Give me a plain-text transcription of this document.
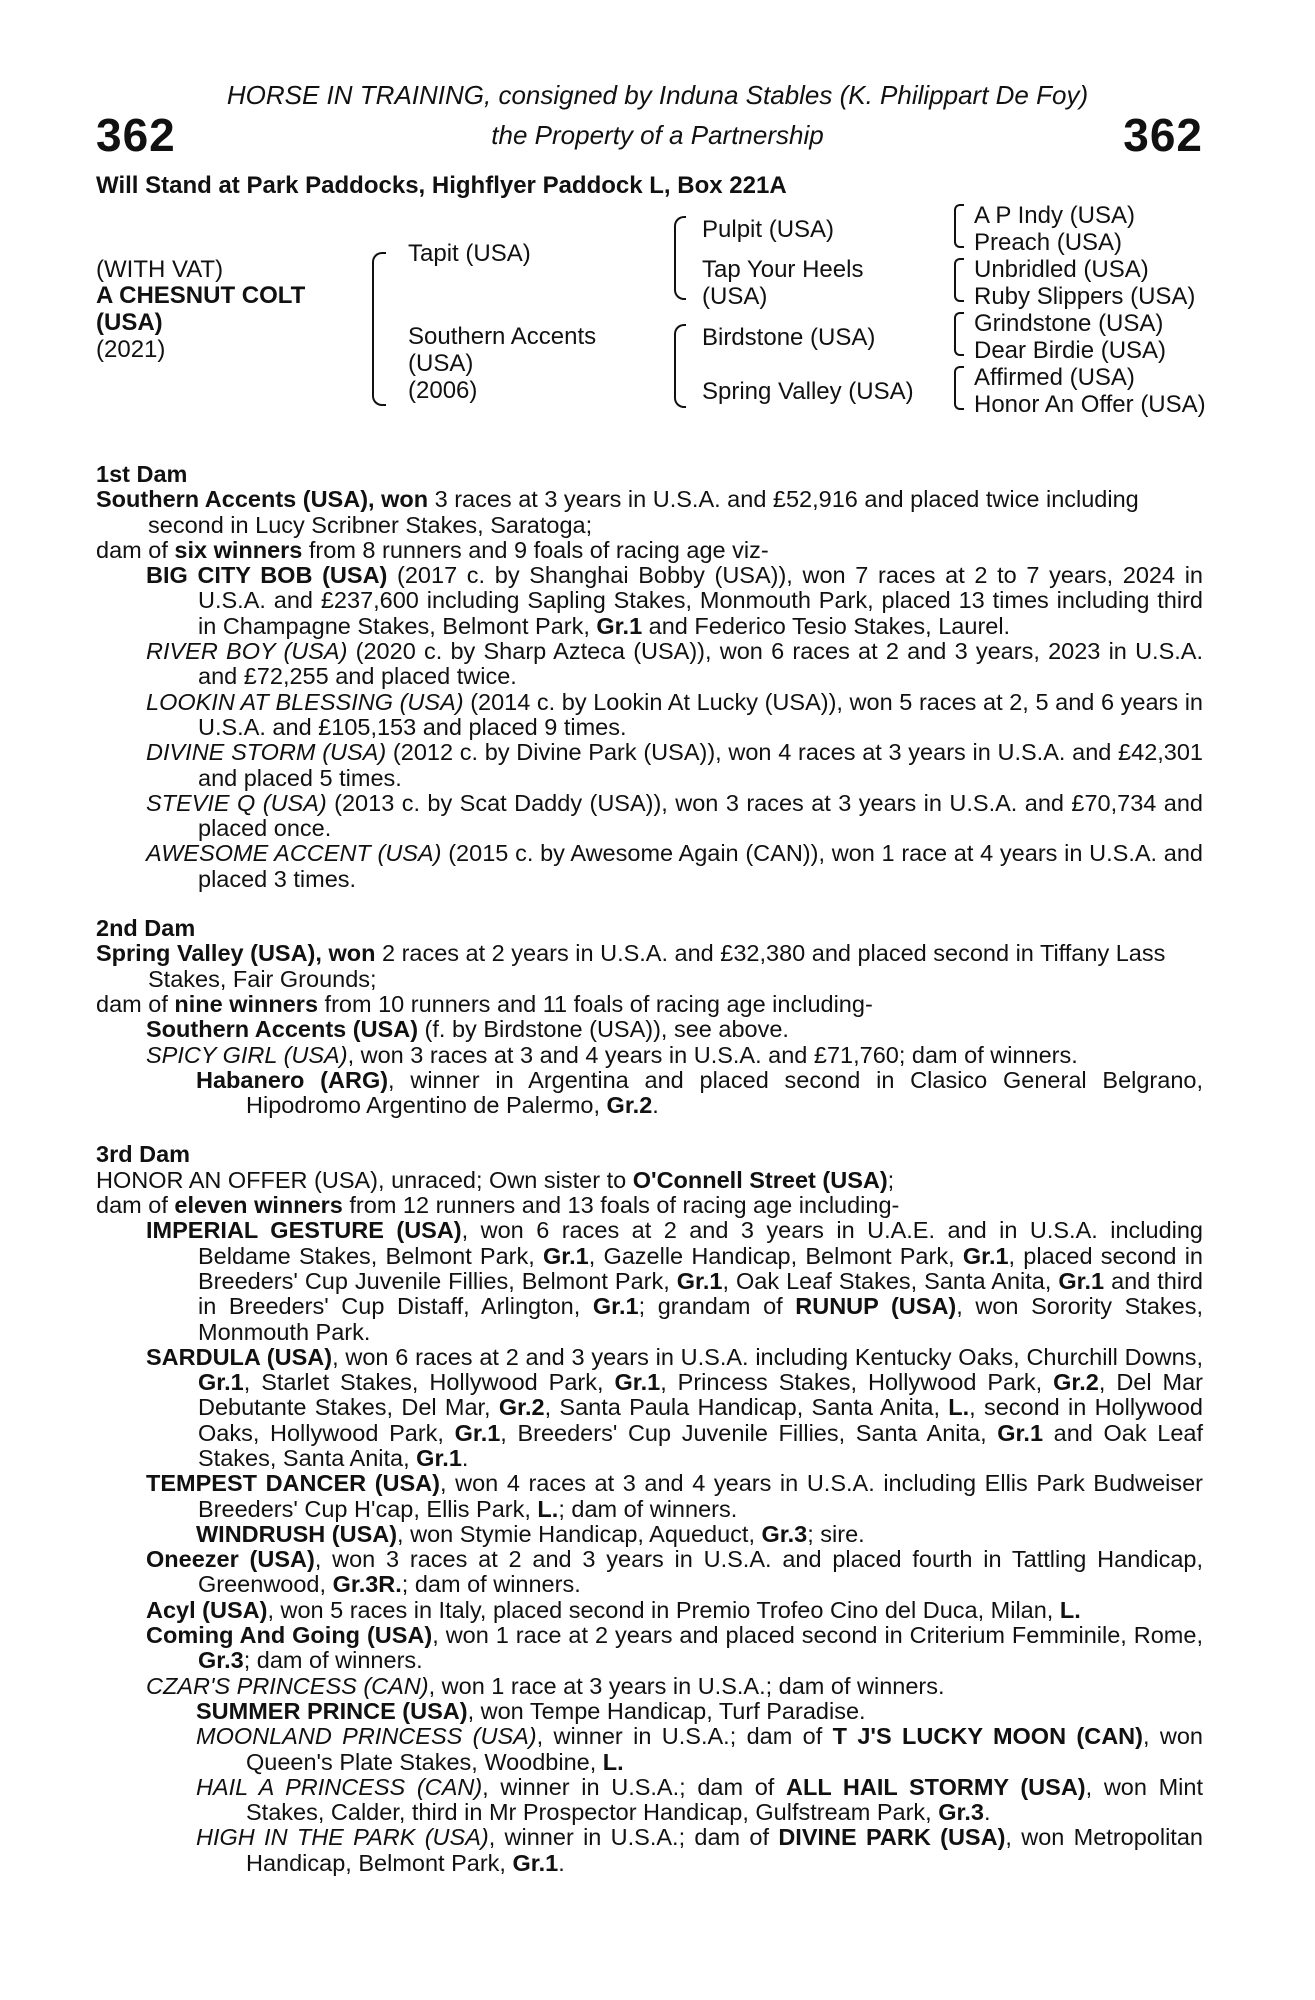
HORSE IN TRAINING, consigned by Induna Stables (K. Philippart De Foy)
the Property of a Partnership
362	362
Will Stand at Park Paddocks, Highflyer Paddock L, Box 221A
(WITH VAT)
A CHESNUT COLT
(USA)
(2021)
Tapit (USA)
Southern Accents
(USA)
(2006)
Pulpit (USA)
Tap Your Heels
(USA)
Birdstone (USA)
Spring Valley (USA)
A P Indy (USA)
Preach (USA)
Unbridled (USA)
Ruby Slippers (USA)
Grindstone (USA)
Dear Birdie (USA)
Affirmed (USA)
Honor An Offer (USA)

1st Dam

Southern Accents (USA), won 3 races at 3 years in U.S.A. and £52,916 and placed twice including second in Lucy Scribner Stakes, Saratoga;

dam of six winners from 8 runners and 9 foals of racing age viz-

BIG CITY BOB (USA) (2017 c. by Shanghai Bobby (USA)), won 7 races at 2 to 7 years, 2024 in U.S.A. and £237,600 including Sapling Stakes, Monmouth Park, placed 13 times including third in Champagne Stakes, Belmont Park, Gr.1 and Federico Tesio Stakes, Laurel.

RIVER BOY (USA) (2020 c. by Sharp Azteca (USA)), won 6 races at 2 and 3 years, 2023 in U.S.A. and £72,255 and placed twice.

LOOKIN AT BLESSING (USA) (2014 c. by Lookin At Lucky (USA)), won 5 races at 2, 5 and 6 years in U.S.A. and £105,153 and placed 9 times.

DIVINE STORM (USA) (2012 c. by Divine Park (USA)), won 4 races at 3 years in U.S.A. and £42,301 and placed 5 times.

STEVIE Q (USA) (2013 c. by Scat Daddy (USA)), won 3 races at 3 years in U.S.A. and £70,734 and placed once.

AWESOME ACCENT (USA) (2015 c. by Awesome Again (CAN)), won 1 race at 4 years in U.S.A. and placed 3 times.

2nd Dam

Spring Valley (USA), won 2 races at 2 years in U.S.A. and £32,380 and placed second in Tiffany Lass Stakes, Fair Grounds;

dam of nine winners from 10 runners and 11 foals of racing age including-

Southern Accents (USA) (f. by Birdstone (USA)), see above.

SPICY GIRL (USA), won 3 races at 3 and 4 years in U.S.A. and £71,760; dam of winners.

Habanero (ARG), winner in Argentina and placed second in Clasico General Belgrano, Hipodromo Argentino de Palermo, Gr.2.

3rd Dam

HONOR AN OFFER (USA), unraced; Own sister to O'Connell Street (USA);

dam of eleven winners from 12 runners and 13 foals of racing age including-

IMPERIAL GESTURE (USA), won 6 races at 2 and 3 years in U.A.E. and in U.S.A. including Beldame Stakes, Belmont Park, Gr.1, Gazelle Handicap, Belmont Park, Gr.1, placed second in Breeders' Cup Juvenile Fillies, Belmont Park, Gr.1, Oak Leaf Stakes, Santa Anita, Gr.1 and third in Breeders' Cup Distaff, Arlington, Gr.1; grandam of RUNUP (USA), won Sorority Stakes, Monmouth Park.

SARDULA (USA), won 6 races at 2 and 3 years in U.S.A. including Kentucky Oaks, Churchill Downs, Gr.1, Starlet Stakes, Hollywood Park, Gr.1, Princess Stakes, Hollywood Park, Gr.2, Del Mar Debutante Stakes, Del Mar, Gr.2, Santa Paula Handicap, Santa Anita, L., second in Hollywood Oaks, Hollywood Park, Gr.1, Breeders' Cup Juvenile Fillies, Santa Anita, Gr.1 and Oak Leaf Stakes, Santa Anita, Gr.1.

TEMPEST DANCER (USA), won 4 races at 3 and 4 years in U.S.A. including Ellis Park Budweiser Breeders' Cup H'cap, Ellis Park, L.; dam of winners.

WINDRUSH (USA), won Stymie Handicap, Aqueduct, Gr.3; sire.

Oneezer (USA), won 3 races at 2 and 3 years in U.S.A. and placed fourth in Tattling Handicap, Greenwood, Gr.3R.; dam of winners.

Acyl (USA), won 5 races in Italy, placed second in Premio Trofeo Cino del Duca, Milan, L.

Coming And Going (USA), won 1 race at 2 years and placed second in Criterium Femminile, Rome, Gr.3; dam of winners.

CZAR'S PRINCESS (CAN), won 1 race at 3 years in U.S.A.; dam of winners.

SUMMER PRINCE (USA), won Tempe Handicap, Turf Paradise.

MOONLAND PRINCESS (USA), winner in U.S.A.; dam of T J'S LUCKY MOON (CAN), won Queen's Plate Stakes, Woodbine, L.

HAIL A PRINCESS (CAN), winner in U.S.A.; dam of ALL HAIL STORMY (USA), won Mint Stakes, Calder, third in Mr Prospector Handicap, Gulfstream Park, Gr.3.

HIGH IN THE PARK (USA), winner in U.S.A.; dam of DIVINE PARK (USA), won Metropolitan Handicap, Belmont Park, Gr.1.
